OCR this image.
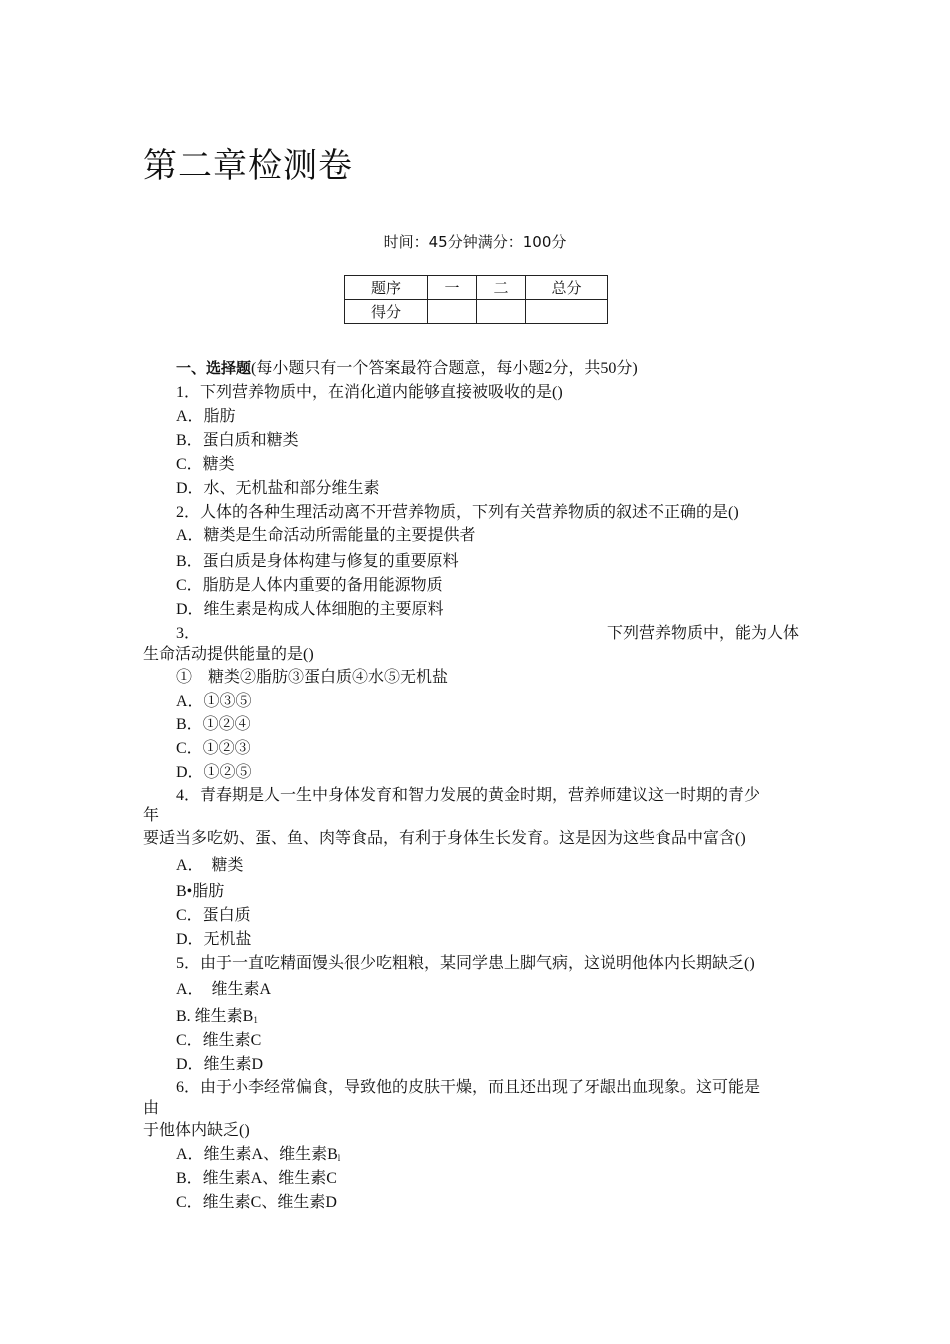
第二章检测卷
时间：45分钟满分：100分
题序	一	二	总分
得分			
一、选择题(每小题只有一个答案最符合题意，每小题2分，共50分)
1．下列营养物质中，在消化道内能够直接被吸收的是()
A．脂肪
B．蛋白质和糖类
C．糖类
D．水、无机盐和部分维生素
2．人体的各种生理活动离不开营养物质，下列有关营养物质的叙述不正确的是()
A．糖类是生命活动所需能量的主要提供者
B．蛋白质是身体构建与修复的重要原料
C．脂肪是人体内重要的备用能源物质
D．维生素是构成人体细胞的主要原料
3．	下列营养物质中，能为人体
生命活动提供能量的是()
①　糖类②脂肪③蛋白质④水⑤无机盐
A．①③⑤
B．①②④
C．①②③
D．①②⑤
4．青春期是人一生中身体发育和智力发展的黄金时期，营养师建议这一时期的青少
年
要适当多吃奶、蛋、鱼、肉等食品，有利于身体生长发育。这是因为这些食品中富含()
A．　糖类
B•脂肪
C．蛋白质
D．无机盐
5．由于一直吃精面馒头很少吃粗粮，某同学患上脚气病，这说明他体内长期缺乏()
A．　维生素A
B. 维生素$B_1$
C．维生素C
D．维生素D
6．由于小李经常偏食，导致他的皮肤干燥，而且还出现了牙龈出血现象。这可能是
由
于他体内缺乏()
A．维生素A、维生素$B_l$
B．维生素A、维生素C
C．维生素C、维生素D
